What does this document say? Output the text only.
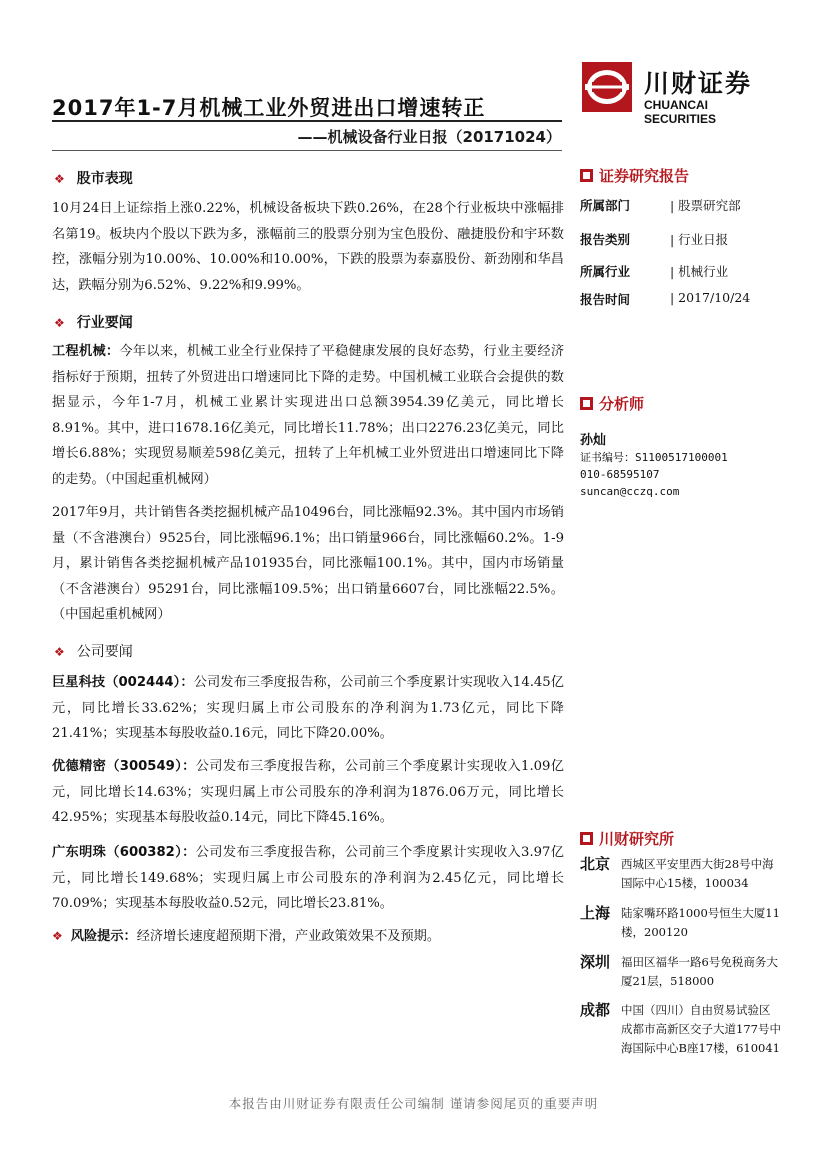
2017年1-7月机械工业外贸进出口增速转正
——机械设备行业日报（20171024）
川财证券
CHUANCAI SECURITIES
❖ 股市表现
10月24日上证综指上涨0.22%，机械设备板块下跌0.26%，在28个行业板块中涨幅排名第19。板块内个股以下跌为多，涨幅前三的股票分别为宝色股份、融捷股份和宇环数控，涨幅分别为10.00%、10.00%和10.00%，下跌的股票为泰嘉股份、新劲刚和华昌达，跌幅分别为6.52%、9.22%和9.99%。
❖ 行业要闻
工程机械：今年以来，机械工业全行业保持了平稳健康发展的良好态势，行业主要经济指标好于预期，扭转了外贸进出口增速同比下降的走势。中国机械工业联合会提供的数据显示，今年1-7月，机械工业累计实现进出口总额3954.39亿美元，同比增长8.91%。其中，进口1678.16亿美元，同比增长11.78%；出口2276.23亿美元，同比增长6.88%；实现贸易顺差598亿美元，扭转了上年机械工业外贸进出口增速同比下降的走势。（中国起重机械网）
2017年9月，共计销售各类挖掘机械产品10496台，同比涨幅92.3%。其中国内市场销量（不含港澳台）9525台，同比涨幅96.1%；出口销量966台，同比涨幅60.2%。1-9月，累计销售各类挖掘机械产品101935台，同比涨幅100.1%。其中，国内市场销量（不含港澳台）95291台，同比涨幅109.5%；出口销量6607台，同比涨幅22.5%。（中国起重机械网）
❖ 公司要闻
巨星科技（002444）：公司发布三季度报告称，公司前三个季度累计实现收入14.45亿元，同比增长33.62%；实现归属上市公司股东的净利润为1.73亿元，同比下降21.41%；实现基本每股收益0.16元，同比下降20.00%。
优德精密（300549）：公司发布三季度报告称，公司前三个季度累计实现收入1.09亿元，同比增长14.63%；实现归属上市公司股东的净利润为1876.06万元，同比增长42.95%；实现基本每股收益0.14元，同比下降45.16%。
广东明珠（600382）：公司发布三季度报告称，公司前三个季度累计实现收入3.97亿元，同比增长149.68%；实现归属上市公司股东的净利润为2.45亿元，同比增长70.09%；实现基本每股收益0.52元，同比增长23.81%。
❖ 风险提示：经济增长速度超预期下滑，产业政策效果不及预期。
证券研究报告
所属部门	| 股票研究部
报告类别	| 行业日报
所属行业	| 机械行业
报告时间	| 2017/10/24
分析师
孙灿
证书编号：S1100517100001
010-68595107
suncan@cczq.com
川财研究所
北京 西城区平安里西大街28号中海国际中心15楼，100034
上海 陆家嘴环路1000号恒生大厦11楼，200120
深圳 福田区福华一路6号免税商务大厦21层，518000
成都 中国（四川）自由贸易试验区成都市高新区交子大道177号中海国际中心B座17楼，610041
本报告由川财证券有限责任公司编制 谨请参阅尾页的重要声明
